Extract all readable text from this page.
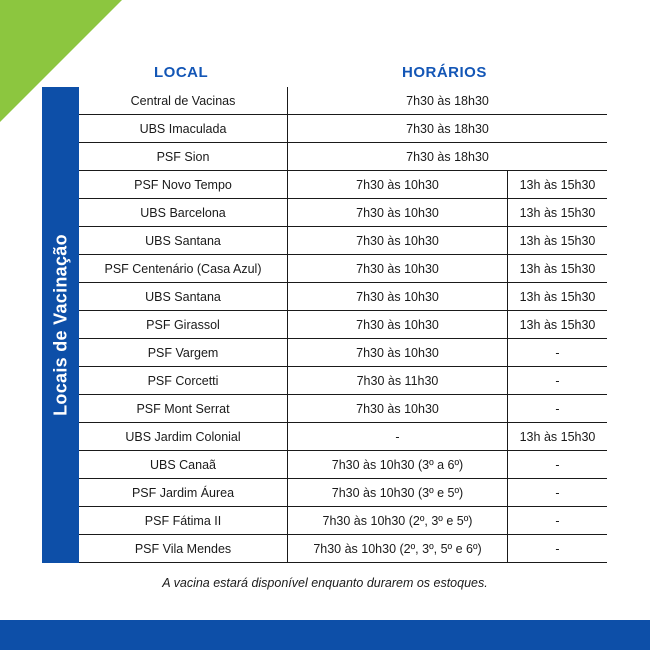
LOCAL	HORÁRIOS
Locais de Vacinação
Central de Vacinas	7h30 às 18h30
UBS Imaculada	7h30 às 18h30
PSF Sion	7h30 às 18h30
PSF Novo Tempo	7h30 às 10h30	13h às 15h30
UBS Barcelona	7h30 às 10h30	13h às 15h30
UBS Santana	7h30 às 10h30	13h às 15h30
PSF Centenário (Casa Azul)	7h30 às 10h30	13h às 15h30
UBS Santana	7h30 às 10h30	13h às 15h30
PSF Girassol	7h30 às 10h30	13h às 15h30
PSF Vargem	7h30 às 10h30	-
PSF Corcetti	7h30 às 11h30	-
PSF Mont Serrat	7h30 às 10h30	-
UBS Jardim Colonial	-	13h às 15h30
UBS Canaã	7h30 às 10h30 (3º a 6º)	-
PSF Jardim Áurea	7h30 às 10h30 (3º e 5º)	-
PSF Fátima II	7h30 às 10h30 (2º, 3º e 5º)	-
PSF Vila Mendes	7h30 às 10h30 (2º, 3º, 5º e 6º)	-
A vacina estará disponível enquanto durarem os estoques.
